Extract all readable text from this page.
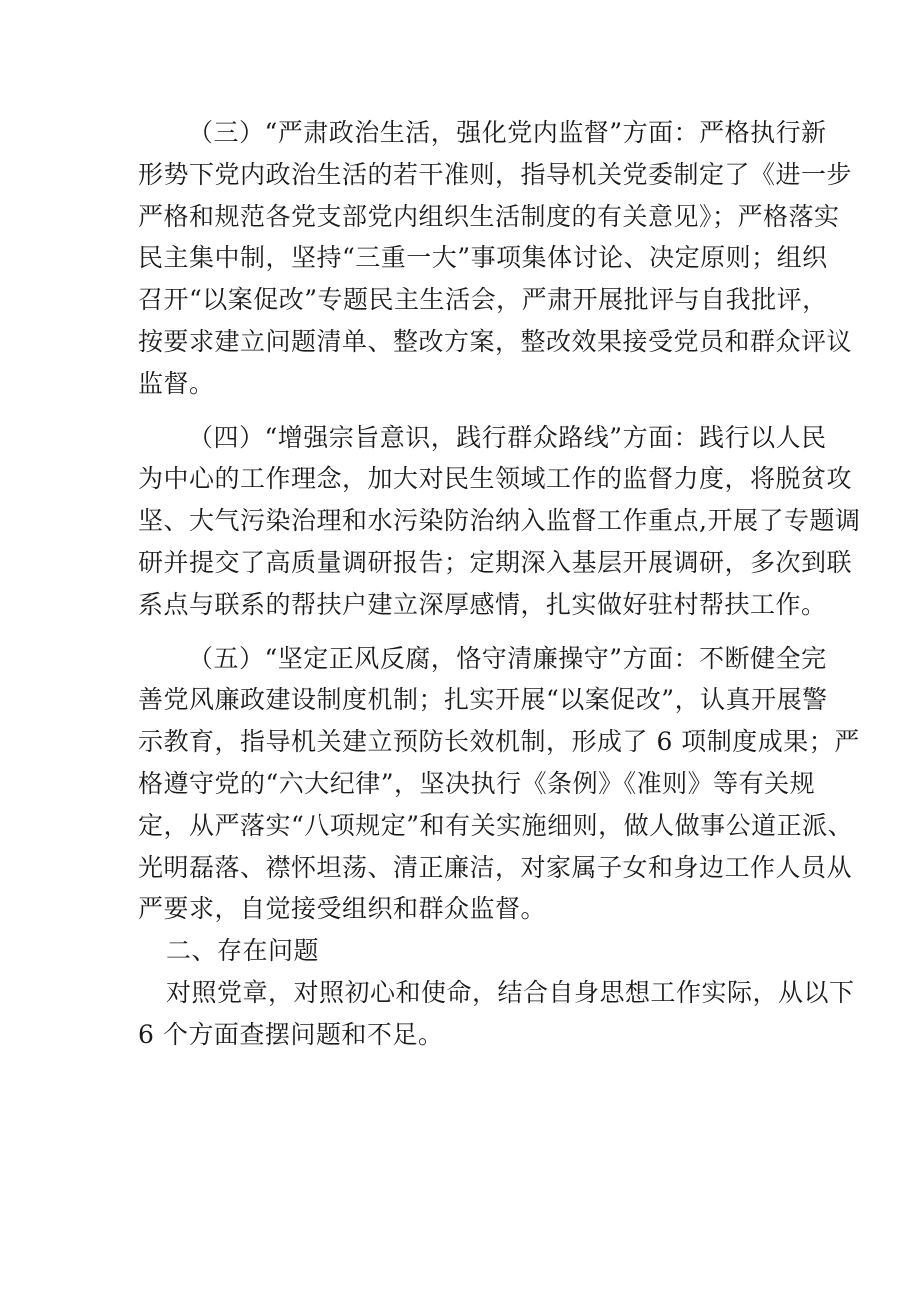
（三）“严肃政治生活，强化党内监督”方面：严格执行新
形势下党内政治生活的若干准则，指导机关党委制定了《进一步
严格和规范各党支部党内组织生活制度的有关意见》；严格落实
民主集中制，坚持“三重一大”事项集体讨论、决定原则；组织
召开“以案促改”专题民主生活会，严肃开展批评与自我批评，
按要求建立问题清单、整改方案，整改效果接受党员和群众评议
监督。
（四）“增强宗旨意识，践行群众路线”方面：践行以人民
为中心的工作理念，加大对民生领域工作的监督力度，将脱贫攻
坚、大气污染治理和水污染防治纳入监督工作重点,开展了专题调
研并提交了高质量调研报告；定期深入基层开展调研，多次到联
系点与联系的帮扶户建立深厚感情，扎实做好驻村帮扶工作。
（五）“坚定正风反腐，恪守清廉操守”方面：不断健全完
善党风廉政建设制度机制；扎实开展“以案促改”，认真开展警
示教育，指导机关建立预防长效机制，形成了 6 项制度成果；严
格遵守党的“六大纪律”，坚决执行《条例》《准则》等有关规
定，从严落实“八项规定”和有关实施细则，做人做事公道正派、
光明磊落、襟怀坦荡、清正廉洁，对家属子女和身边工作人员从
严要求，自觉接受组织和群众监督。
二、存在问题
对照党章，对照初心和使命，结合自身思想工作实际，从以下
6 个方面查摆问题和不足。
